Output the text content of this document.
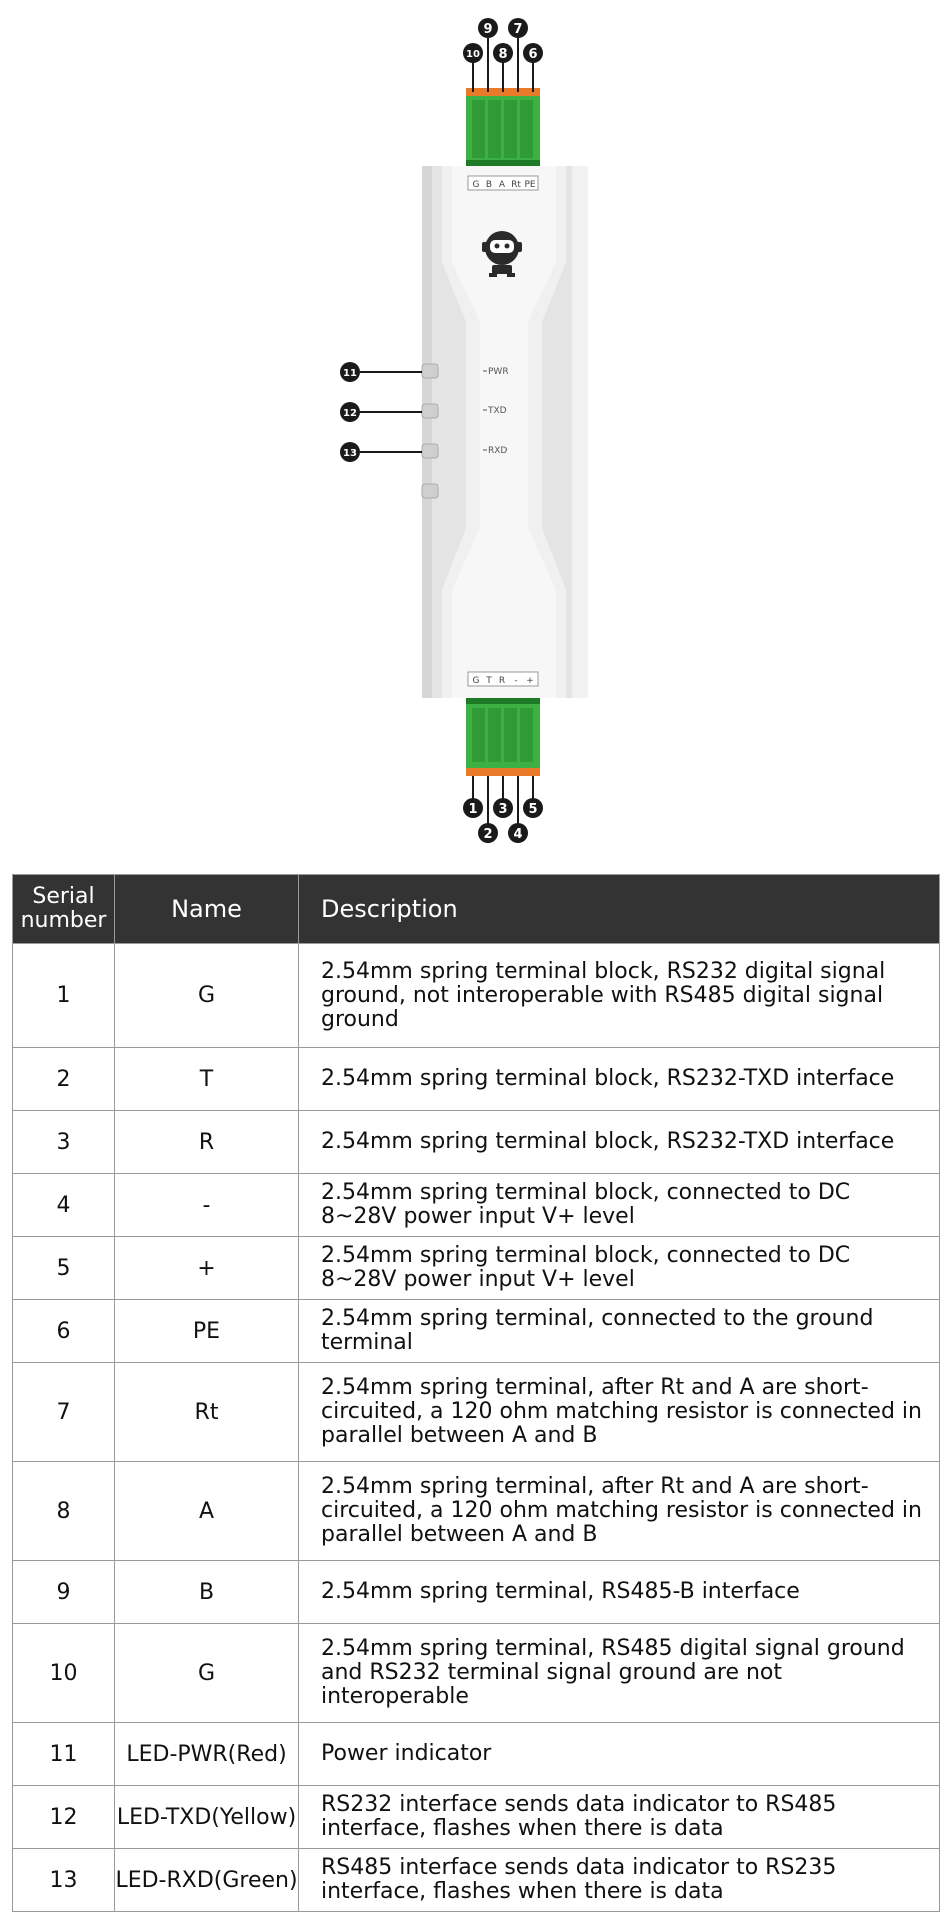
G B A Rt PE
PWR
TXD
RXD
G T R - +
9 7
10 8 6
11
12
13
1 3 5
2 4
Serial
number	Name	Description
1	G	2.54mm spring terminal block, RS232 digital signal ground, not interoperable with RS485 digital signal ground
2	T	2.54mm spring terminal block, RS232-TXD interface
3	R	2.54mm spring terminal block, RS232-TXD interface
4	-	2.54mm spring terminal block, connected to DC 8~28V power input V+ level
5	+	2.54mm spring terminal block, connected to DC 8~28V power input V+ level
6	PE	2.54mm spring terminal, connected to the ground terminal
7	Rt	2.54mm spring terminal, after Rt and A are short-circuited, a 120 ohm matching resistor is connected in parallel between A and B
8	A	2.54mm spring terminal, after Rt and A are short-circuited, a 120 ohm matching resistor is connected in parallel between A and B
9	B	2.54mm spring terminal, RS485-B interface
10	G	2.54mm spring terminal, RS485 digital signal ground and RS232 terminal signal ground are not interoperable
11	LED-PWR(Red)	Power indicator
12	LED-TXD(Yellow)	RS232 interface sends data indicator to RS485 interface, flashes when there is data
13	LED-RXD(Green)	RS485 interface sends data indicator to RS235 interface, flashes when there is data
